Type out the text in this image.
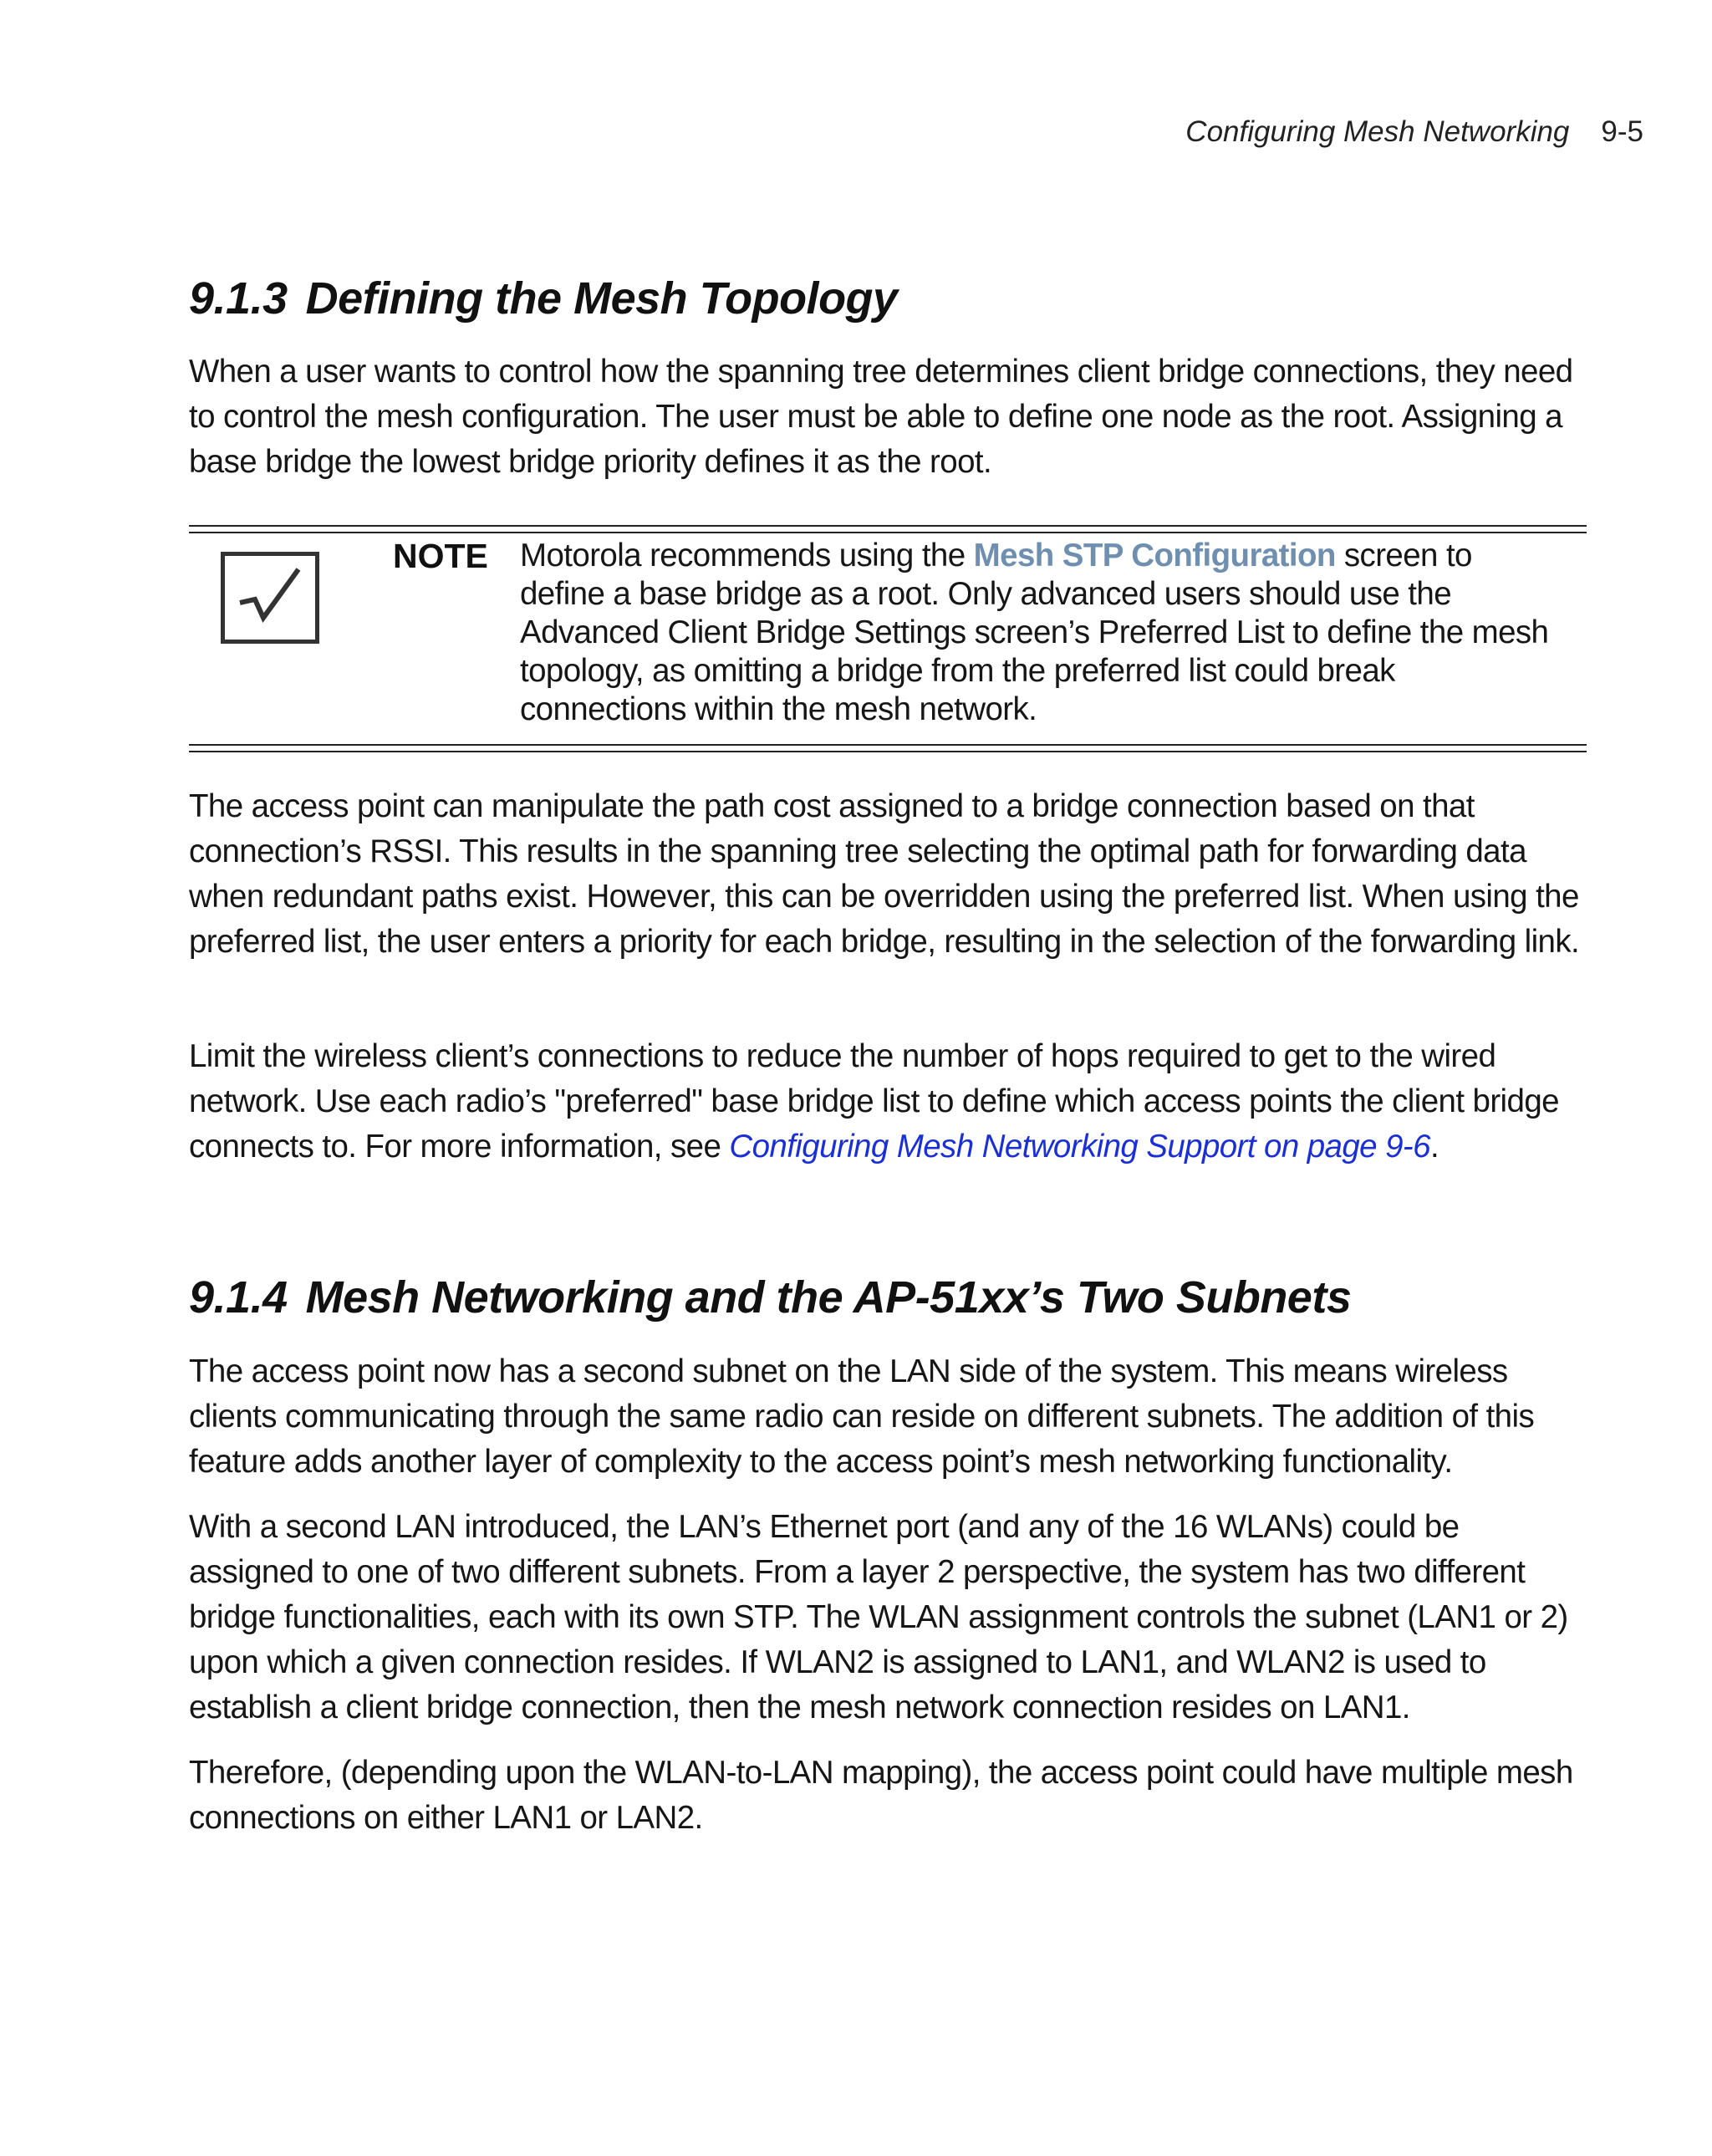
Configuring Mesh Networking 9-5
9.1.3 Defining the Mesh Topology

When a user wants to control how the spanning tree determines client bridge connections, they need to control the mesh configuration. The user must be able to define one node as the root. Assigning a base bridge the lowest bridge priority defines it as the root.

NOTE Motorola recommends using the Mesh STP Configuration screen to define a base bridge as a root. Only advanced users should use the Advanced Client Bridge Settings screen’s Preferred List to define the mesh topology, as omitting a bridge from the preferred list could break connections within the mesh network.

The access point can manipulate the path cost assigned to a bridge connection based on that connection’s RSSI. This results in the spanning tree selecting the optimal path for forwarding data when redundant paths exist. However, this can be overridden using the preferred list. When using the preferred list, the user enters a priority for each bridge, resulting in the selection of the forwarding link.

Limit the wireless client’s connections to reduce the number of hops required to get to the wired network. Use each radio’s "preferred" base bridge list to define which access points the client bridge connects to. For more information, see Configuring Mesh Networking Support on page 9-6.

9.1.4 Mesh Networking and the AP-51xx’s Two Subnets

The access point now has a second subnet on the LAN side of the system. This means wireless clients communicating through the same radio can reside on different subnets. The addition of this feature adds another layer of complexity to the access point’s mesh networking functionality.

With a second LAN introduced, the LAN’s Ethernet port (and any of the 16 WLANs) could be assigned to one of two different subnets. From a layer 2 perspective, the system has two different bridge functionalities, each with its own STP. The WLAN assignment controls the subnet (LAN1 or 2) upon which a given connection resides. If WLAN2 is assigned to LAN1, and WLAN2 is used to establish a client bridge connection, then the mesh network connection resides on LAN1.

Therefore, (depending upon the WLAN-to-LAN mapping), the access point could have multiple mesh connections on either LAN1 or LAN2.
